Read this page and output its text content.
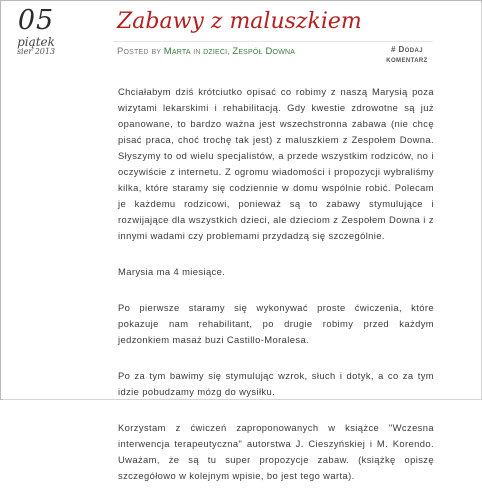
05
piątek
sier 2013
Zabawy z maluszkiem
Posted by Marta in dzieci, Zespół Downa	# Dodaj
komentarz

Chciałabym dziś krótciutko opisać co robimy z naszą Marysią poza wizytami lekarskimi i rehabilitacją. Gdy kwestie zdrowotne są już opanowane, to bardzo ważna jest wszechstronna zabawa (nie chcę pisać praca, choć trochę tak jest) z maluszkiem z Zespołem Downa. Słyszymy to od wielu specjalistów, a przede wszystkim rodziców, no i oczywiście z internetu. Z ogromu wiadomości i propozycji wybraliśmy kilka, które staramy się codziennie w domu wspólnie robić. Polecam je każdemu rodzicowi, ponieważ są to zabawy stymulujące i rozwijające dla wszystkich dzieci, ale dzieciom z Zespołem Downa i z innymi wadami czy problemami przydadzą się szczególnie.

Marysia ma 4 miesiące.

Po pierwsze staramy się wykonywać proste ćwiczenia, które pokazuje nam rehabilitant, po drugie robimy przed każdym jedzonkiem masaż buzi Castillo-Moralesa.

Po za tym bawimy się stymulując wzrok, słuch i dotyk, a co za tym idzie pobudzamy mózg do wysiłku.

Korzystam z ćwiczeń zaproponowanych w książce "Wczesna interwencja terapeutyczna" autorstwa J. Cieszyńskiej i M. Korendo. Uważam, że są tu super propozycje zabaw. (książkę opiszę szczegółowo w kolejnym wpisie, bo jest tego warta).
